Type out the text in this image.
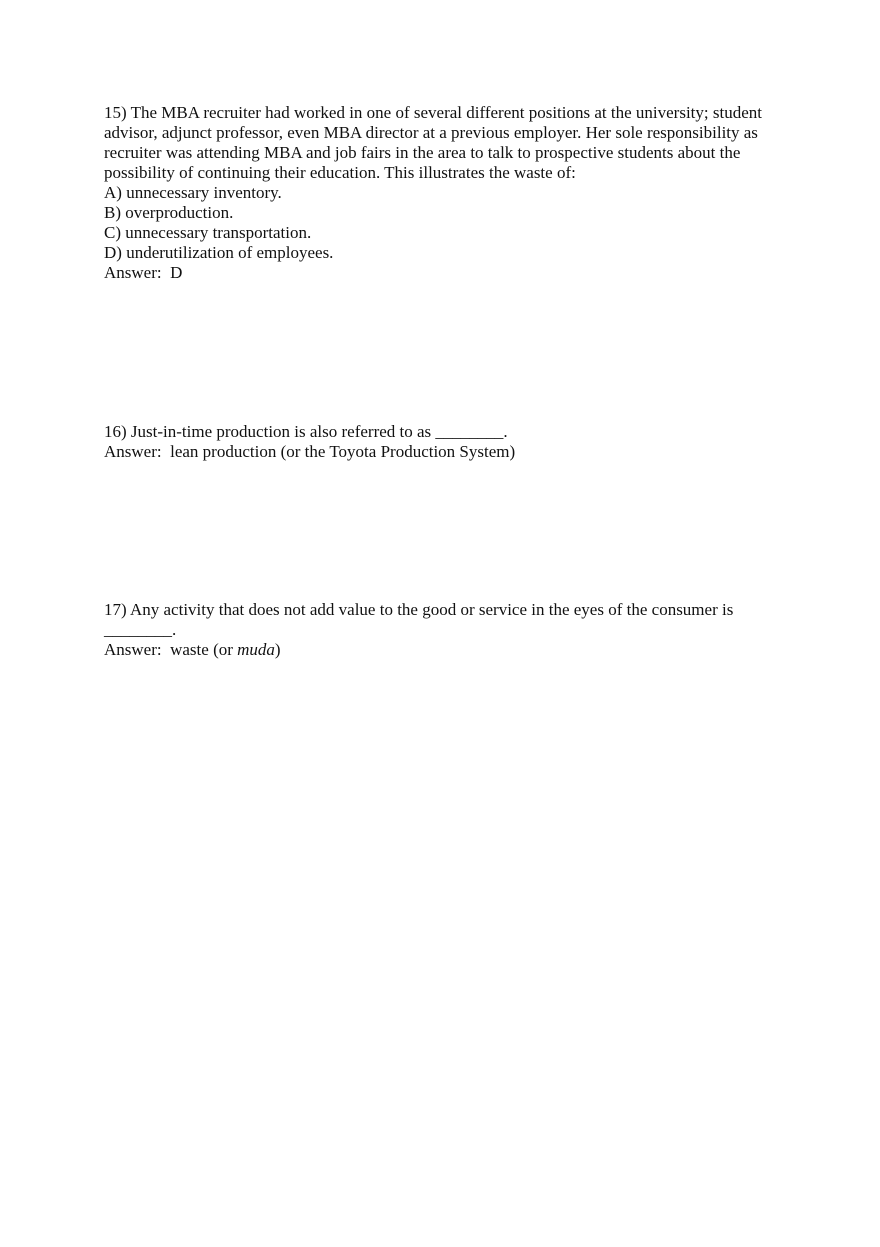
15) The MBA recruiter had worked in one of several different positions at the university; student
advisor, adjunct professor, even MBA director at a previous employer. Her sole responsibility as
recruiter was attending MBA and job fairs in the area to talk to prospective students about the
possibility of continuing their education. This illustrates the waste of:
A) unnecessary inventory.
B) overproduction.
C) unnecessary transportation.
D) underutilization of employees.
Answer:  D
16) Just-in-time production is also referred to as ________.
Answer:  lean production (or the Toyota Production System)
17) Any activity that does not add value to the good or service in the eyes of the consumer is
________.
Answer:  waste (or muda)
